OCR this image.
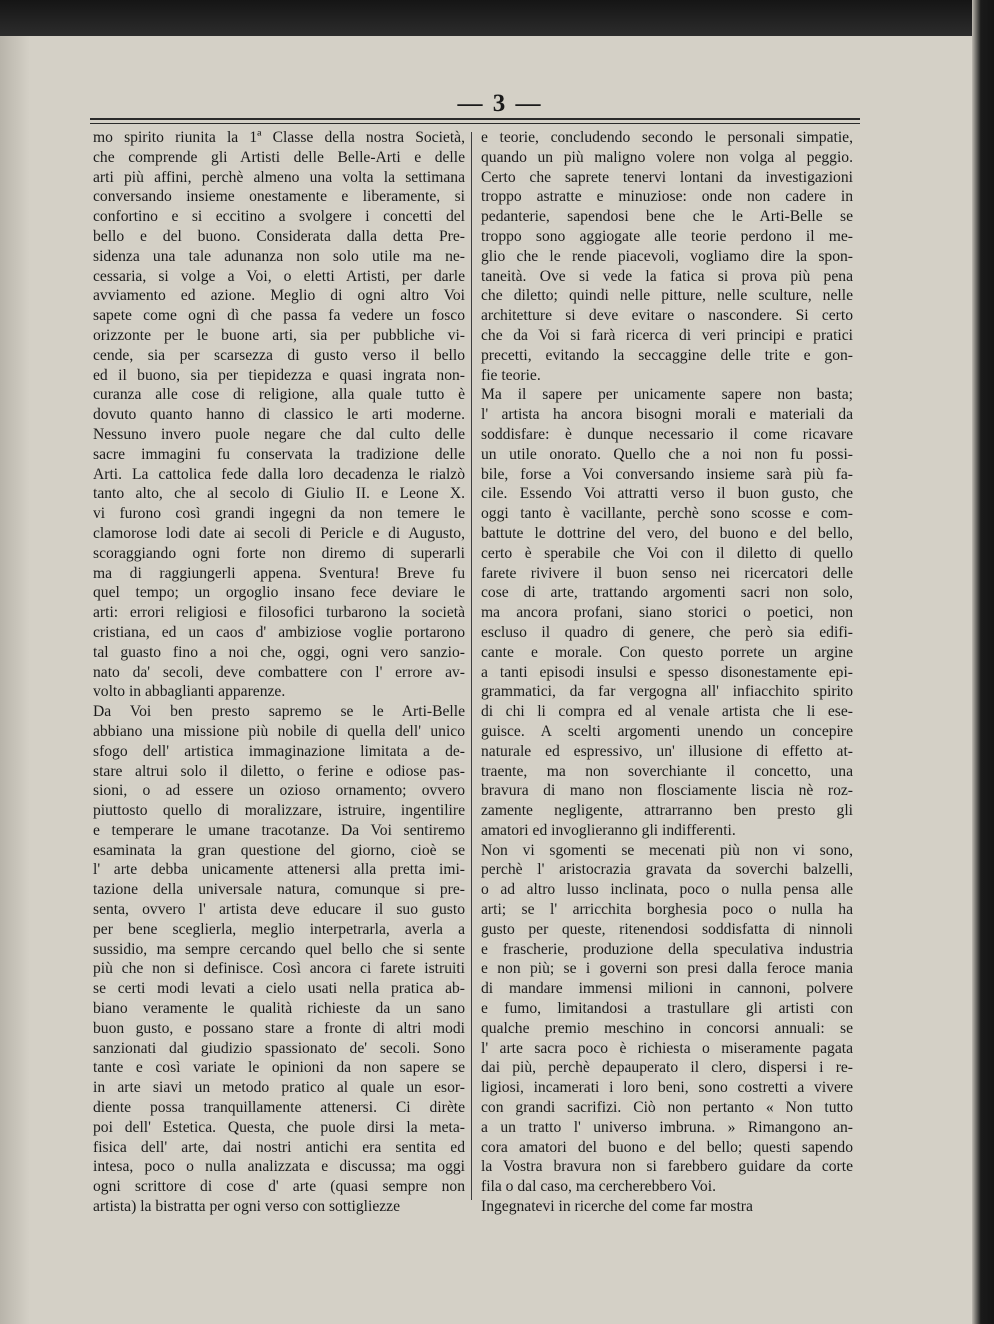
— 3 —
mo spirito riunita la 1ª Classe della nostra Società,
che comprende gli Artisti delle Belle-Arti e delle
arti più affini, perchè almeno una volta la settimana
conversando insieme onestamente e liberamente, si
confortino e si eccitino a svolgere i concetti del
bello e del buono. Considerata dalla detta Pre-
sidenza una tale adunanza non solo utile ma ne-
cessaria, si volge a Voi, o eletti Artisti, per darle
avviamento ed azione. Meglio di ogni altro Voi
sapete come ogni dì che passa fa vedere un fosco
orizzonte per le buone arti, sia per pubbliche vi-
cende, sia per scarsezza di gusto verso il bello
ed il buono, sia per tiepidezza e quasi ingrata non-
curanza alle cose di religione, alla quale tutto è
dovuto quanto hanno di classico le arti moderne.
Nessuno invero puole negare che dal culto delle
sacre immagini fu conservata la tradizione delle
Arti. La cattolica fede dalla loro decadenza le rialzò
tanto alto, che al secolo di Giulio II. e Leone X.
vi furono così grandi ingegni da non temere le
clamorose lodi date ai secoli di Pericle e di Augusto,
scoraggiando ogni forte non diremo di superarli
ma di raggiungerli appena. Sventura! Breve fu
quel tempo; un orgoglio insano fece deviare le
arti: errori religiosi e filosofici turbarono la società
cristiana, ed un caos d' ambiziose voglie portarono
tal guasto fino a noi che, oggi, ogni vero sanzio-
nato da' secoli, deve combattere con l' errore av-
volto in abbaglianti apparenze.
Da Voi ben presto sapremo se le Arti-Belle
abbiano una missione più nobile di quella dell' unico
sfogo dell' artistica immaginazione limitata a de-
stare altrui solo il diletto, o ferine e odiose pas-
sioni, o ad essere un ozioso ornamento; ovvero
piuttosto quello di moralizzare, istruire, ingentilire
e temperare le umane tracotanze. Da Voi sentiremo
esaminata la gran questione del giorno, cioè se
l' arte debba unicamente attenersi alla pretta imi-
tazione della universale natura, comunque si pre-
senta, ovvero l' artista deve educare il suo gusto
per bene sceglierla, meglio interpetrarla, averla a
sussidio, ma sempre cercando quel bello che si sente
più che non si definisce. Così ancora ci farete istruiti
se certi modi levati a cielo usati nella pratica ab-
biano veramente le qualità richieste da un sano
buon gusto, e possano stare a fronte di altri modi
sanzionati dal giudizio spassionato de' secoli. Sono
tante e così variate le opinioni da non sapere se
in arte siavi un metodo pratico al quale un esor-
diente possa tranquillamente attenersi. Ci dirète
poi dell' Estetica. Questa, che puole dirsi la meta-
fisica dell' arte, dai nostri antichi era sentita ed
intesa, poco o nulla analizzata e discussa; ma oggi
ogni scrittore di cose d' arte (quasi sempre non
artista) la bistratta per ogni verso con sottigliezze
e teorie, concludendo secondo le personali simpatie,
quando un più maligno volere non volga al peggio.
Certo che saprete tenervi lontani da investigazioni
troppo astratte e minuziose: onde non cadere in
pedanterie, sapendosi bene che le Arti-Belle se
troppo sono aggiogate alle teorie perdono il me-
glio che le rende piacevoli, vogliamo dire la spon-
taneità. Ove si vede la fatica si prova più pena
che diletto; quindi nelle pitture, nelle sculture, nelle
architetture si deve evitare o nascondere. Si certo
che da Voi si farà ricerca di veri principi e pratici
precetti, evitando la seccaggine delle trite e gon-
fie teorie.
Ma il sapere per unicamente sapere non basta;
l' artista ha ancora bisogni morali e materiali da
soddisfare: è dunque necessario il come ricavare
un utile onorato. Quello che a noi non fu possi-
bile, forse a Voi conversando insieme sarà più fa-
cile. Essendo Voi attratti verso il buon gusto, che
oggi tanto è vacillante, perchè sono scosse e com-
battute le dottrine del vero, del buono e del bello,
certo è sperabile che Voi con il diletto di quello
farete rivivere il buon senso nei ricercatori delle
cose di arte, trattando argomenti sacri non solo,
ma ancora profani, siano storici o poetici, non
escluso il quadro di genere, che però sia edifi-
cante e morale. Con questo porrete un argine
a tanti episodi insulsi e spesso disonestamente epi-
grammatici, da far vergogna all' infiacchito spirito
di chi li compra ed al venale artista che li ese-
guisce. A scelti argomenti unendo un concepire
naturale ed espressivo, un' illusione di effetto at-
traente, ma non soverchiante il concetto, una
bravura di mano non flosciamente liscia nè roz-
zamente negligente, attrarranno ben presto gli
amatori ed invoglieranno gli indifferenti.
Non vi sgomenti se mecenati più non vi sono,
perchè l' aristocrazia gravata da soverchi balzelli,
o ad altro lusso inclinata, poco o nulla pensa alle
arti; se l' arricchita borghesia poco o nulla ha
gusto per queste, ritenendosi soddisfatta di ninnoli
e frascherie, produzione della speculativa industria
e non più; se i governi son presi dalla feroce mania
di mandare immensi milioni in cannoni, polvere
e fumo, limitandosi a trastullare gli artisti con
qualche premio meschino in concorsi annuali: se
l' arte sacra poco è richiesta o miseramente pagata
dai più, perchè depauperato il clero, dispersi i re-
ligiosi, incamerati i loro beni, sono costretti a vivere
con grandi sacrifizi. Ciò non pertanto « Non tutto
a un tratto l' universo imbruna. » Rimangono an-
cora amatori del buono e del bello; questi sapendo
la Vostra bravura non si farebbero guidare da corte
fila o dal caso, ma cercherebbero Voi.
Ingegnatevi in ricerche del come far mostra
